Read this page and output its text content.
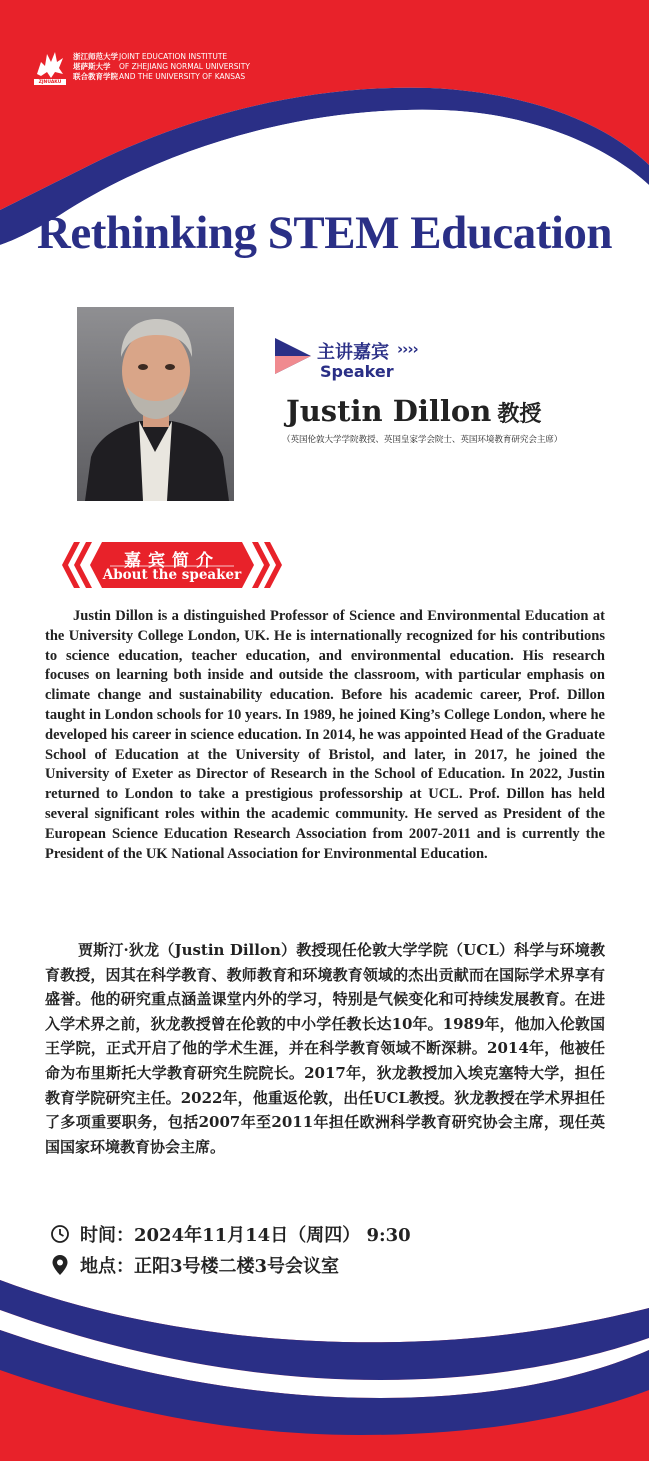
浙江师范大学 JOINT EDUCATION INSTITUTE
堪萨斯大学	OF ZHEJIANG NORMAL UNIVERSITY
联合教育学院 AND THE UNIVERSITY OF KANSAS
ZJNUAKU
Rethinking STEM Education
主讲嘉宾 ››››
Speaker
Justin Dillon 教授
（英国伦敦大学学院教授、英国皇家学会院士、英国环境教育研究会主席）
嘉宾简介
About the speaker

Justin Dillon is a distinguished Professor of Science and Environmental Education at the University College London, UK. He is internationally recognized for his contributions to science education, teacher education, and environmental education. His research focuses on learning both inside and outside the classroom, with particular emphasis on climate change and sustainability education. Before his academic career, Prof. Dillon taught in London schools for 10 years. In 1989, he joined King’s College London, where he developed his career in science education. In 2014, he was appointed Head of the Graduate School of Education at the University of Bristol, and later, in 2017, he joined the University of Exeter as Director of Research in the School of Education. In 2022, Justin returned to London to take a prestigious professorship at UCL. Prof. Dillon has held several significant roles within the academic community. He served as President of the European Science Education Research Association from 2007-2011 and is currently the President of the UK National Association for Environmental Education.

贾斯汀·狄龙（Justin Dillon）教授现任伦敦大学学院（UCL）科学与环境教育教授，因其在科学教育、教师教育和环境教育领域的杰出贡献而在国际学术界享有盛誉。他的研究重点涵盖课堂内外的学习，特别是气候变化和可持续发展教育。在进入学术界之前，狄龙教授曾在伦敦的中小学任教长达10年。1989年，他加入伦敦国王学院，正式开启了他的学术生涯，并在科学教育领域不断深耕。2014年，他被任命为布里斯托大学教育研究生院院长。2017年，狄龙教授加入埃克塞特大学，担任教育学院研究主任。2022年，他重返伦敦，出任UCL教授。狄龙教授在学术界担任了多项重要职务，包括2007年至2011年担任欧洲科学教育研究协会主席，现任英国国家环境教育协会主席。

时间： 2024年11月14日（周四） 9:30
地点： 正阳3号楼二楼3号会议室
